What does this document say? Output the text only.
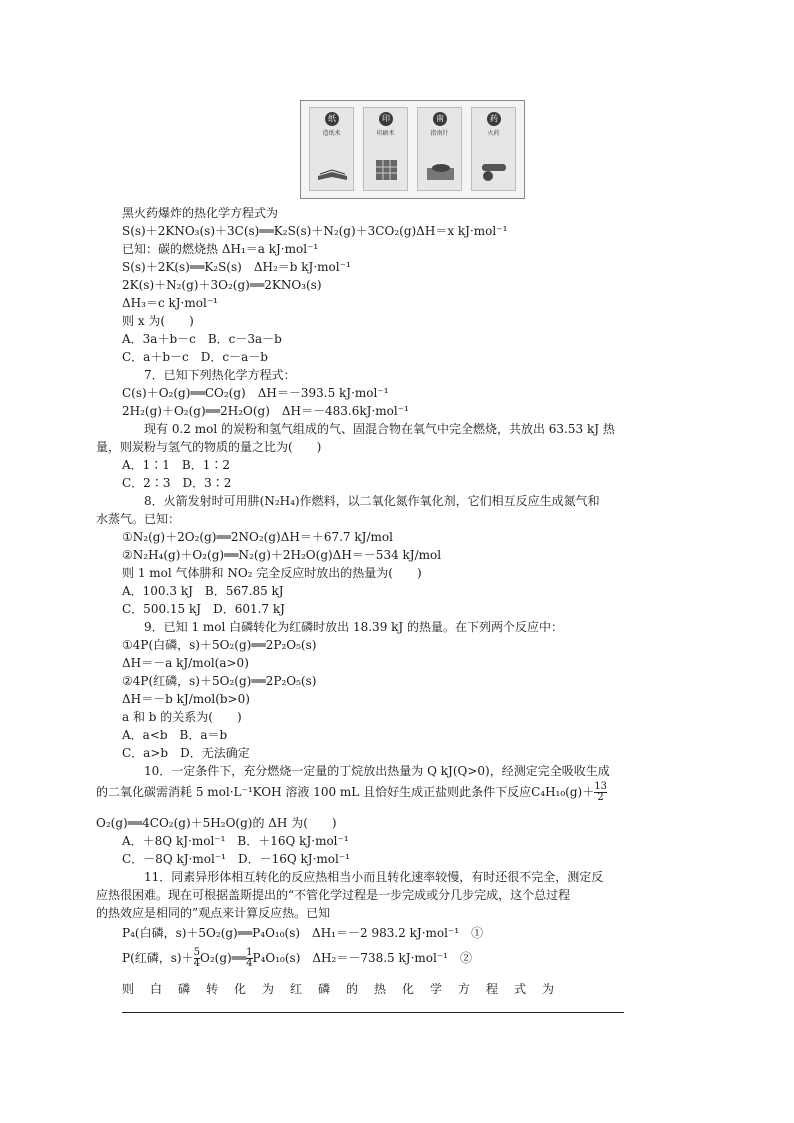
纸
造纸术
印
印刷术
南
指南针
药
火药
黑火药爆炸的热化学方程式为
S(s)＋2KNO₃(s)＋3C(s)══K₂S(s)＋N₂(g)＋3CO₂(g)ΔH＝x kJ·mol⁻¹
已知：碳的燃烧热 ΔH₁＝a kJ·mol⁻¹
S(s)＋2K(s)══K₂S(s)　ΔH₂＝b kJ·mol⁻¹
2K(s)＋N₂(g)＋3O₂(g)══2KNO₃(s)
ΔH₃＝c kJ·mol⁻¹
则 x 为(　　)
A．3a＋b－c　B．c－3a－b
C．a＋b－c　D．c－a－b
7．已知下列热化学方程式：
C(s)＋O₂(g)══CO₂(g)　ΔH＝－393.5 kJ·mol⁻¹
2H₂(g)＋O₂(g)══2H₂O(g)　ΔH＝－483.6kJ·mol⁻¹
现有 0.2 mol 的炭粉和氢气组成的气、固混合物在氧气中完全燃烧，共放出 63.53 kJ 热
量，则炭粉与氢气的物质的量之比为(　　)
A．1∶1　B．1∶2
C．2∶3　D．3∶2
8．火箭发射时可用肼(N₂H₄)作燃料，以二氧化氮作氧化剂，它们相互反应生成氮气和
水蒸气。已知：
①N₂(g)＋2O₂(g)══2NO₂(g)ΔH＝＋67.7 kJ/mol
②N₂H₄(g)＋O₂(g)══N₂(g)＋2H₂O(g)ΔH＝－534 kJ/mol
则 1 mol 气体肼和 NO₂ 完全反应时放出的热量为(　　)
A．100.3 kJ　B．567.85 kJ
C．500.15 kJ　D．601.7 kJ
9．已知 1 mol 白磷转化为红磷时放出 18.39 kJ 的热量。在下列两个反应中：
①4P(白磷，s)＋5O₂(g)══2P₂O₅(s)
ΔH＝－a kJ/mol(a>0)
②4P(红磷，s)＋5O₂(g)══2P₂O₅(s)
ΔH＝－b kJ/mol(b>0)
a 和 b 的关系为(　　)
A．a<b　B．a＝b
C．a>b　D．无法确定
10．一定条件下，充分燃烧一定量的丁烷放出热量为 Q kJ(Q>0)，经测定完全吸收生成
的二氧化碳需消耗 5 mol·L⁻¹KOH 溶液 100 mL 且恰好生成正盐则此条件下反应$C_4H_{10}(g)+ \frac{13}{2}$
O₂(g)══4CO₂(g)＋5H₂O(g)的 ΔH 为(　　)
A．＋8Q kJ·mol⁻¹　B．＋16Q kJ·mol⁻¹
C．－8Q kJ·mol⁻¹　D．－16Q kJ·mol⁻¹
11．同素异形体相互转化的反应热相当小而且转化速率较慢，有时还很不完全，测定反
应热很困难。现在可根据盖斯提出的“不管化学过程是一步完成或分几步完成，这个总过程
的热效应是相同的”观点来计算反应热。已知
P₄(白磷，s)＋5O₂(g)══P₄O₁₀(s)　ΔH₁＝－2 983.2 kJ·mol⁻¹　①
P(红磷，$s)+ \frac{5}{4}$ O₂(g)══ $\frac{1}{4} P_4O_{10}(s)$　ΔH₂＝－738.5 kJ·mol⁻¹　②
则　白　磷　转　化　为　红　磷　的　热　化　学　方　程　式　为
